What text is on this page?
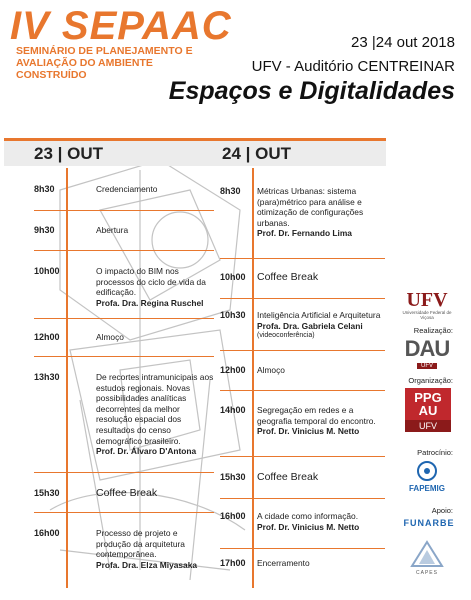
IV SEPAAC
SEMINÁRIO DE PLANEJAMENTO E
AVALIAÇÃO DO AMBIENTE CONSTRUÍDO
23 |24 out 2018
UFV - Auditório CENTREINAR
Espaços e Digitalidades
23 | OUT	24 | OUT
8h30	Credenciamento
9h30	Abertura
10h00	O impacto do BIM nos processos do ciclo de vida da edificação.
Profa. Dra. Regina Ruschel
12h00	Almoço
13h30	De recortes intramunicipais aos estudos regionais. Novas possibilidades analíticas decorrentes da melhor resolução espacial dos resultados do censo demográfico brasileiro.
Prof. Dr. Álvaro D'Antona
15h30	Coffee Break
16h00	Processo de projeto e produção da arquitetura contemporânea.
Profa. Dra. Elza Miyasaka
8h30	Métricas Urbanas: sistema (para)métrico para análise e otimização de configurações urbanas.
Prof. Dr. Fernando Lima
10h00	Coffee Break
10h30	Inteligência Artificial e Arquitetura
Profa. Dra. Gabriela Celani
(videoconferência)
12h00	Almoço
14h00	Segregação em redes e a geografia temporal do encontro.
Prof. Dr. Vinicius M. Netto
15h30	Coffee Break
16h00	A cidade como informação.
Prof. Dr. Vinicius M. Netto
17h00	Encerramento
UFV
Universidade Federal de Viçosa
Realização:
DAU
UFV
Organização:
PPG
AU
UFV
Patrocínio:
FAPEMIG
Apoio:
FUNARBE
CAPES
